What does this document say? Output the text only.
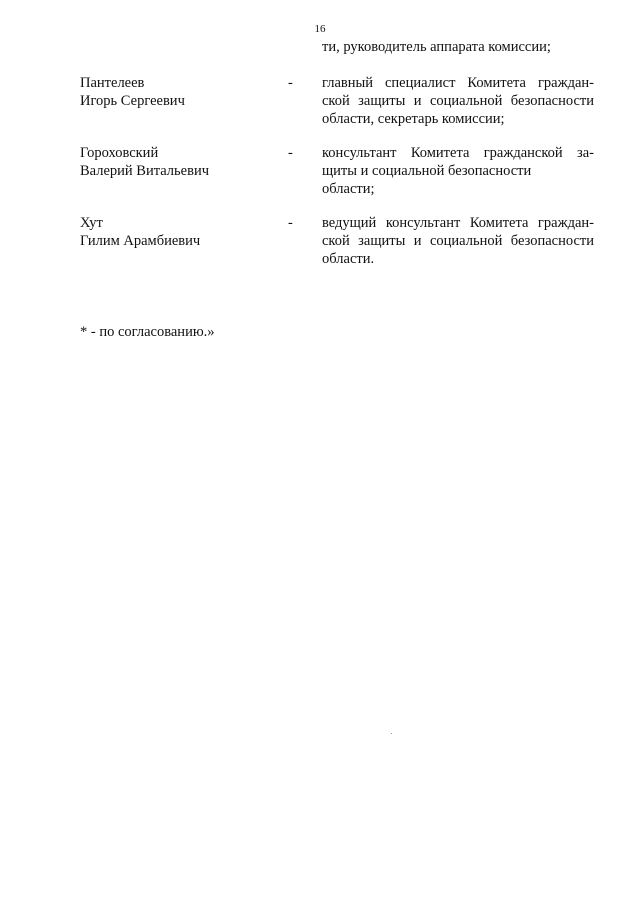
16
ти, руководитель аппарата комиссии;
Пантелеев
Игорь Сергеевич
- главный специалист Комитета граждан-
ской защиты и социальной безопасности
области, секретарь комиссии;
Гороховский
Валерий Витальевич
- консультант Комитета гражданской за-
щиты и социальной безопасности
области;
Хут
Гилим Арамбиевич
- ведущий консультант Комитета граждан-
ской защиты и социальной безопасности
области.
* - по согласованию.»
